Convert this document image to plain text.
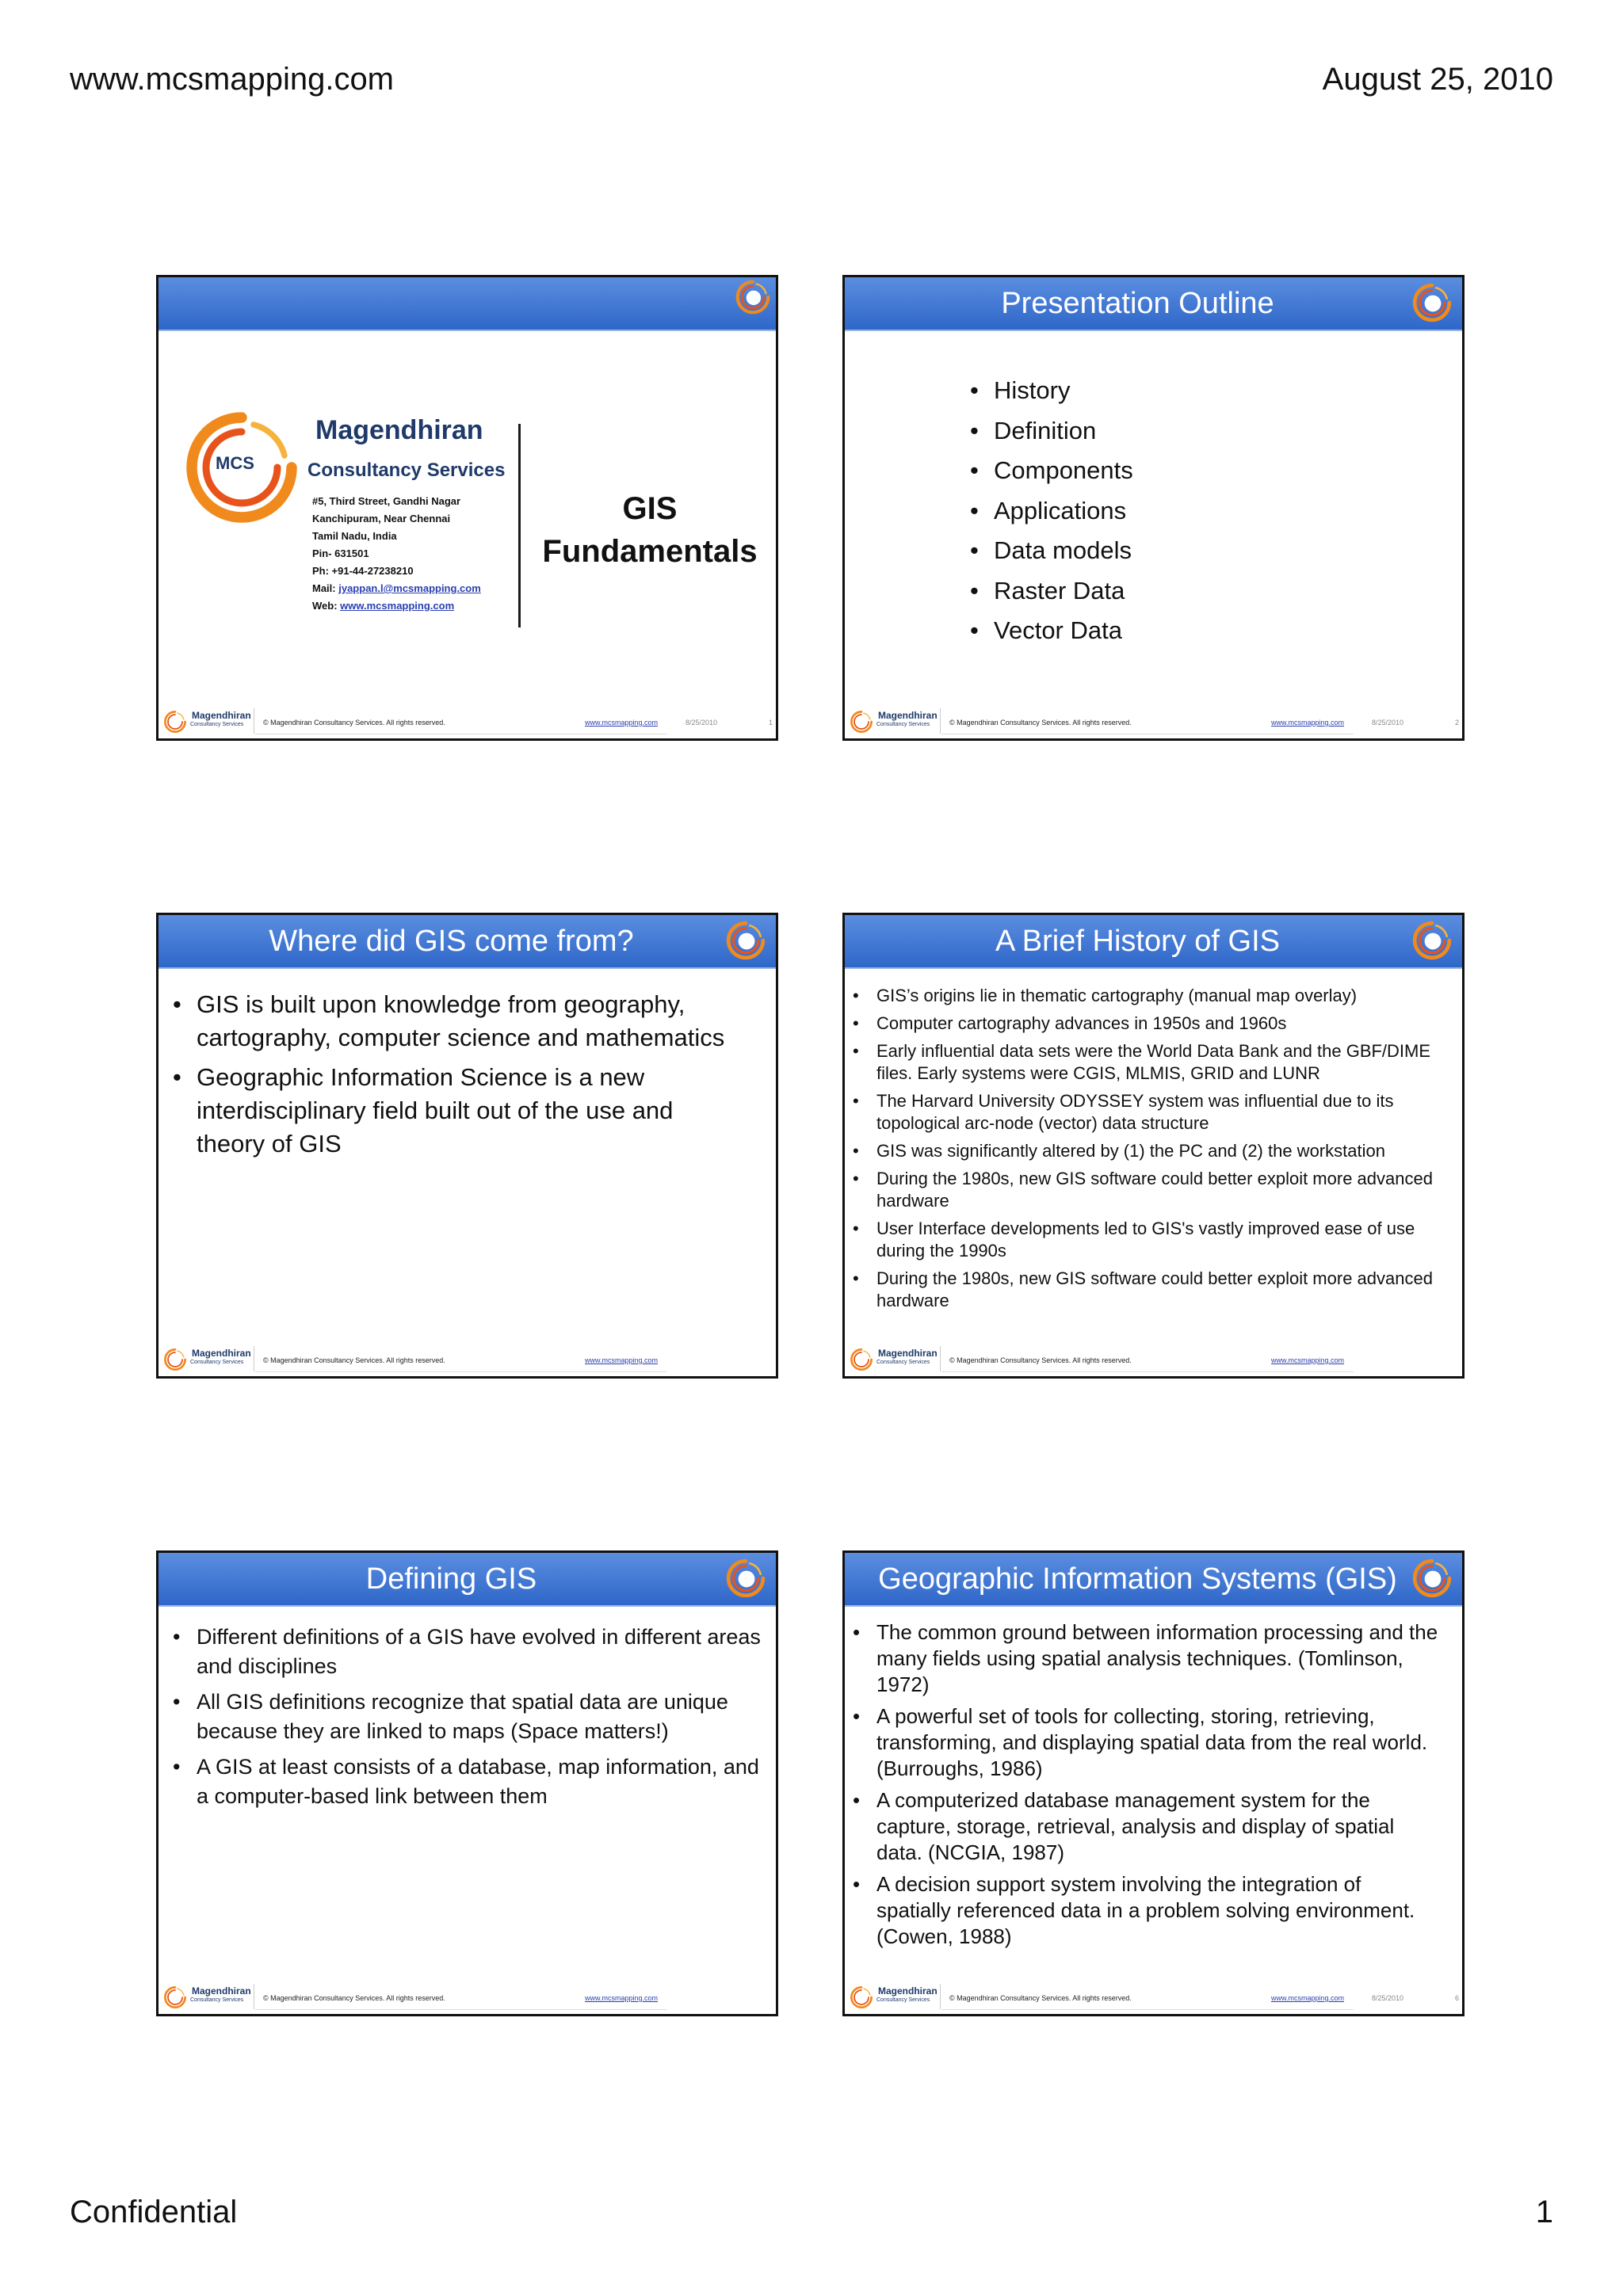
www.mcsmapping.com	August 25, 2010
MCS
Magendhiran
Consultancy Services
#5, Third Street, Gandhi Nagar
Kanchipuram, Near Chennai
Tamil Nadu, India
Pin- 631501
Ph: +91-44-27238210
Mail: jyappan.l@mcsmapping.com
Web: www.mcsmapping.com
GIS
Fundamentals
Magendhiran
Consultancy Services	© Magendhiran Consultancy Services. All rights reserved.	www.mcsmapping.com	8/25/2010	1
Presentation Outline
• History
• Definition
• Components
• Applications
• Data models
• Raster Data
• Vector Data
Magendhiran
Consultancy Services	© Magendhiran Consultancy Services. All rights reserved.	www.mcsmapping.com	8/25/2010	2
Where did GIS come from?
• GIS is built upon knowledge from geography, cartography, computer science and mathematics
• Geographic Information Science is a new interdisciplinary field built out of the use and theory of GIS
Magendhiran
Consultancy Services	© Magendhiran Consultancy Services. All rights reserved.	www.mcsmapping.com
A Brief History of GIS
• GIS’s origins lie in thematic cartography (manual map overlay)
• Computer cartography advances in 1950s and 1960s
• Early influential data sets were the World Data Bank and the GBF/DIME files. Early systems were CGIS, MLMIS, GRID and LUNR
• The Harvard University ODYSSEY system was influential due to its topological arc-node (vector) data structure
• GIS was significantly altered by (1) the PC and (2) the workstation
• During the 1980s, new GIS software could better exploit more advanced hardware
• User Interface developments led to GIS's vastly improved ease of use during the 1990s
• During the 1980s, new GIS software could better exploit more advanced hardware
Magendhiran
Consultancy Services	© Magendhiran Consultancy Services. All rights reserved.	www.mcsmapping.com
Defining GIS
• Different definitions of a GIS have evolved in different areas and disciplines
• All GIS definitions recognize that spatial data are unique because they are linked to maps (Space matters!)
• A GIS at least consists of a database, map information, and a computer-based link between them
Magendhiran
Consultancy Services	© Magendhiran Consultancy Services. All rights reserved.	www.mcsmapping.com
Geographic Information Systems (GIS)
• The common ground between information processing and the many fields using spatial analysis techniques. (Tomlinson, 1972)
• A powerful set of tools for collecting, storing, retrieving, transforming, and displaying spatial data from the real world. (Burroughs, 1986)
• A computerized database management system for the capture, storage, retrieval, analysis and display of spatial data. (NCGIA, 1987)
• A decision support system involving the integration of spatially referenced data in a problem solving environment. (Cowen, 1988)
Magendhiran
Consultancy Services	© Magendhiran Consultancy Services. All rights reserved.	www.mcsmapping.com	8/25/2010	6
Confidential	1
